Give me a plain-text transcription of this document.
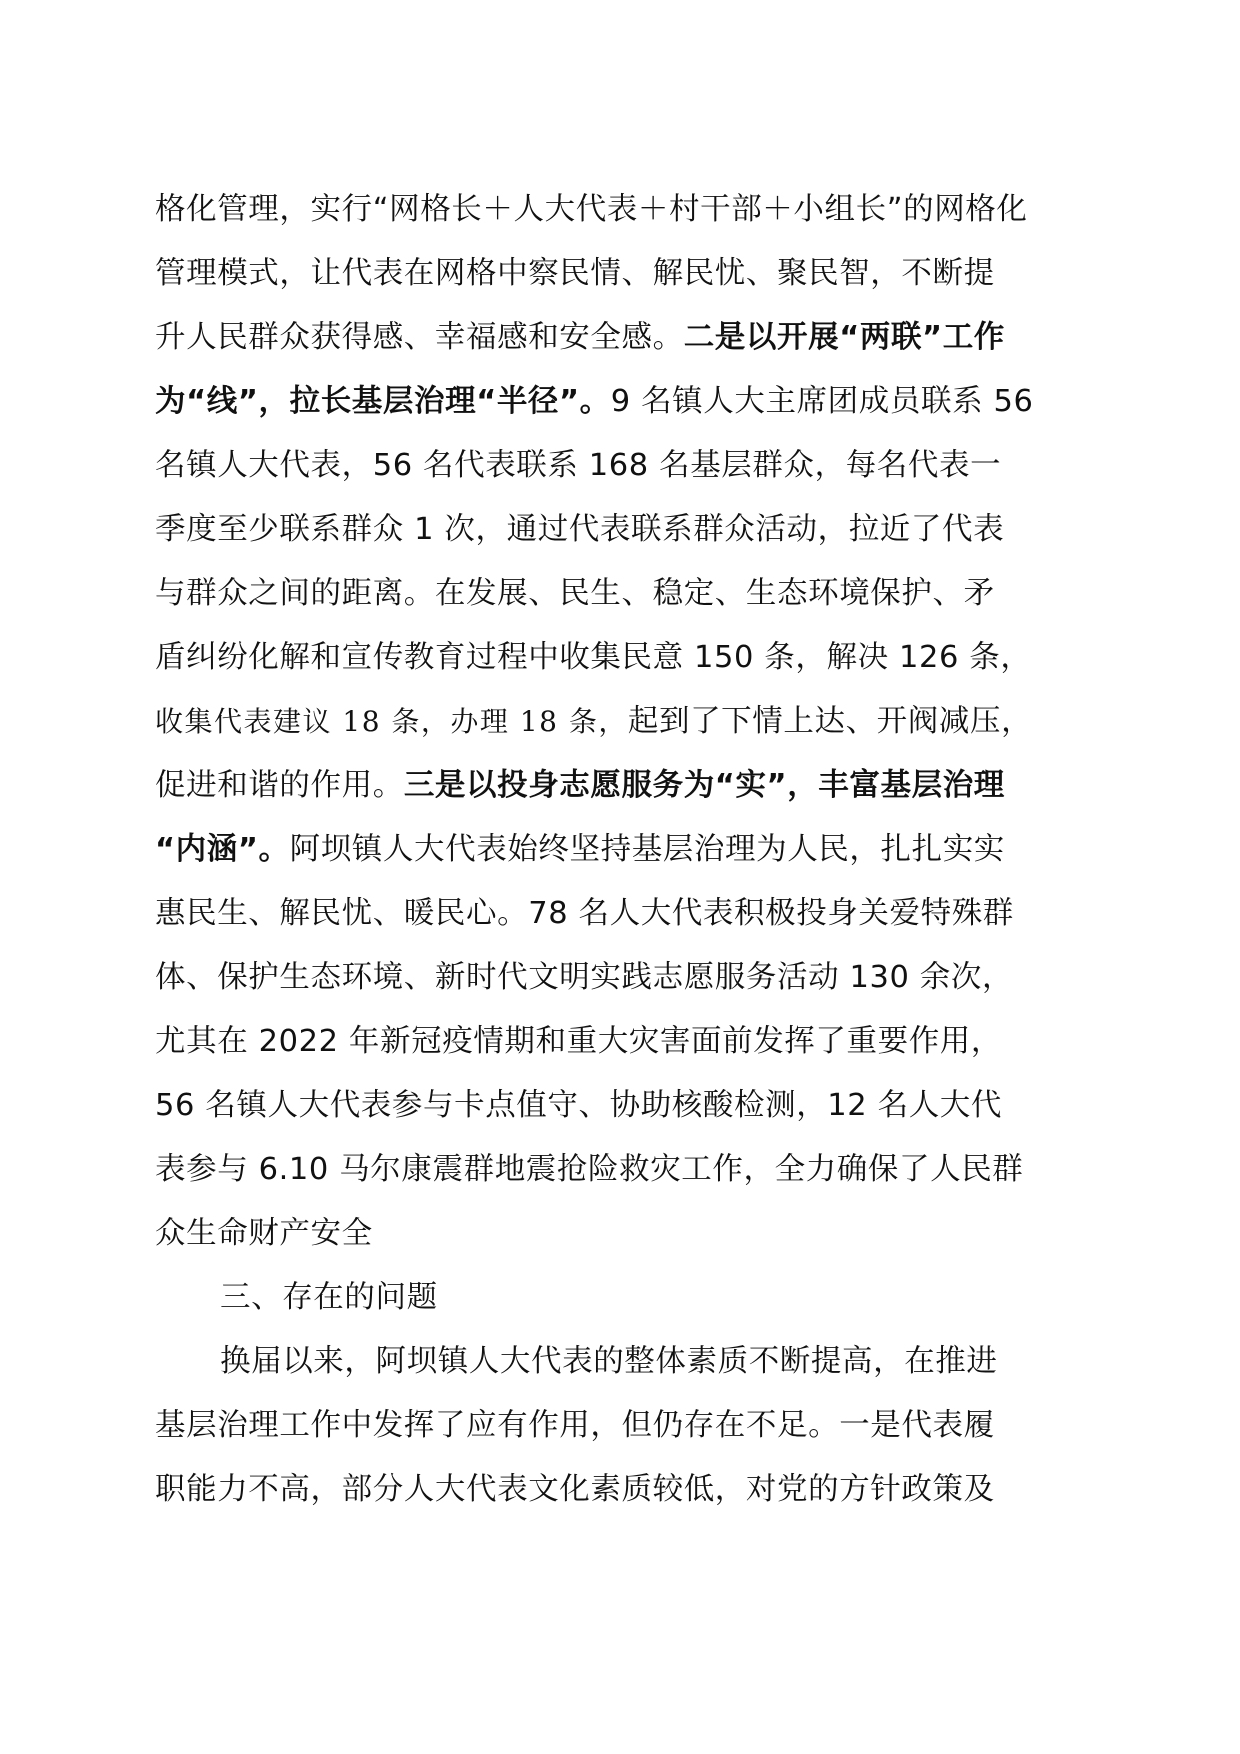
格化管理，实行“网格长＋人大代表＋村干部＋小组长”的网格化
管理模式，让代表在网格中察民情、解民忧、聚民智，不断提
升人民群众获得感、幸福感和安全感。二是以开展“两联”工作
为“线”，拉长基层治理“半径”。9 名镇人大主席团成员联系 56
名镇人大代表，56 名代表联系 168 名基层群众，每名代表一
季度至少联系群众 1 次，通过代表联系群众活动，拉近了代表
与群众之间的距离。在发展、民生、稳定、生态环境保护、矛
盾纠纷化解和宣传教育过程中收集民意 150 条，解决 126 条，
收集代表建议 18 条，办理 18 条，起到了下情上达、开阀减压，
促进和谐的作用。三是以投身志愿服务为“实”，丰富基层治理
“内涵”。阿坝镇人大代表始终坚持基层治理为人民，扎扎实实
惠民生、解民忧、暖民心。78 名人大代表积极投身关爱特殊群
体、保护生态环境、新时代文明实践志愿服务活动 130 余次，
尤其在 2022 年新冠疫情期和重大灾害面前发挥了重要作用，
56 名镇人大代表参与卡点值守、协助核酸检测，12 名人大代
表参与 6.10 马尔康震群地震抢险救灾工作，全力确保了人民群
众生命财产安全
三、存在的问题
换届以来，阿坝镇人大代表的整体素质不断提高，在推进
基层治理工作中发挥了应有作用，但仍存在不足。一是代表履
职能力不高，部分人大代表文化素质较低，对党的方针政策及
